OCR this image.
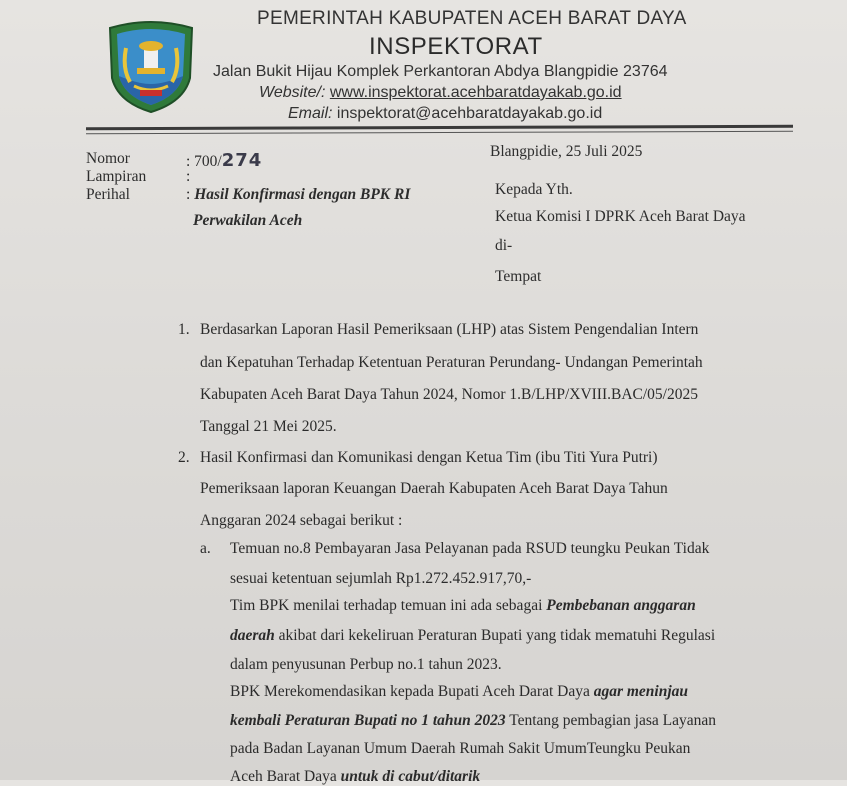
PEMERINTAH KABUPATEN ACEH BARAT DAYA
INSPEKTORAT
Jalan Bukit Hijau Komplek Perkantoran Abdya Blangpidie 23764
Website/: www.inspektorat.acehbaratdayakab.go.id
Email: inspektorat@acehbaratdayakab.go.id
Nomor	: 700/274
Lampiran	:
Perihal	: Hasil Konfirmasi dengan BPK RI
Perwakilan Aceh
Blangpidie, 25 Juli 2025
Kepada Yth.
Ketua Komisi I DPRK Aceh Barat Daya
di-
Tempat
1. Berdasarkan Laporan Hasil Pemeriksaan (LHP) atas Sistem Pengendalian Intern
dan Kepatuhan Terhadap Ketentuan Peraturan Perundang- Undangan Pemerintah
Kabupaten Aceh Barat Daya Tahun 2024, Nomor 1.B/LHP/XVIII.BAC/05/2025
Tanggal 21 Mei 2025.
2. Hasil Konfirmasi dan Komunikasi dengan Ketua Tim (ibu Titi Yura Putri)
Pemeriksaan laporan Keuangan Daerah Kabupaten Aceh Barat Daya Tahun
Anggaran 2024 sebagai berikut :
a. Temuan no.8 Pembayaran Jasa Pelayanan pada RSUD teungku Peukan Tidak
sesuai ketentuan sejumlah Rp1.272.452.917,70,-
Tim BPK menilai terhadap temuan ini ada sebagai Pembebanan anggaran
daerah akibat dari kekeliruan Peraturan Bupati yang tidak mematuhi Regulasi
dalam penyusunan Perbup no.1 tahun 2023.
BPK Merekomendasikan kepada Bupati Aceh Darat Daya agar meninjau
kembali Peraturan Bupati no 1 tahun 2023 Tentang pembagian jasa Layanan
pada Badan Layanan Umum Daerah Rumah Sakit UmumTeungku Peukan
Aceh Barat Daya untuk di cabut/ditarik
